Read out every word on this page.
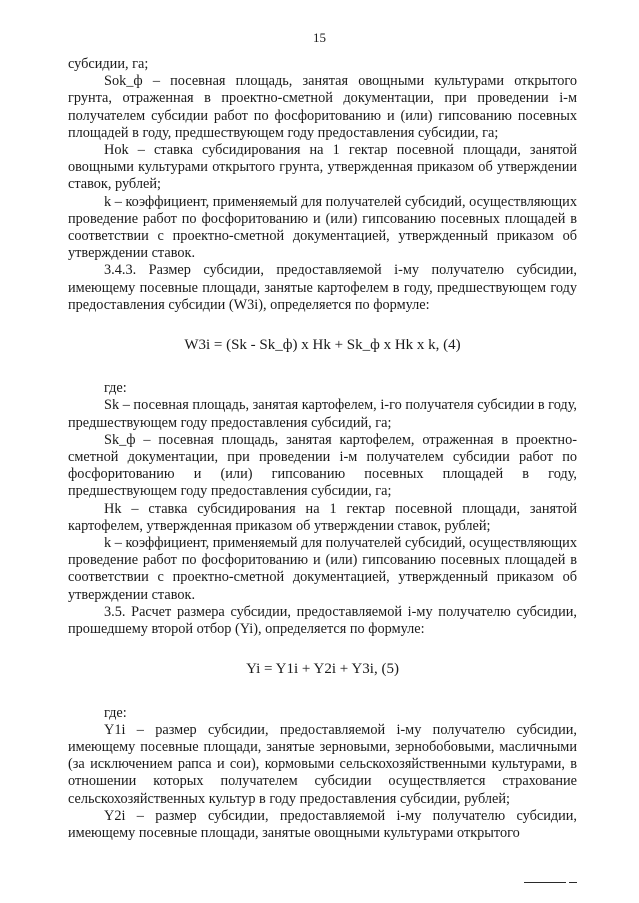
15

субсидии, га;

Sok_ф – посевная площадь, занятая овощными культурами открытого грунта, отраженная в проектно-сметной документации, при проведении i-м получателем субсидии работ по фосфоритованию и (или) гипсованию посевных площадей в году, предшествующем году предоставления субсидии, га;

Hok – ставка субсидирования на 1 гектар посевной площади, занятой овощными культурами открытого грунта, утвержденная приказом об утверждении ставок, рублей;

k – коэффициент, применяемый для получателей субсидий, осуществляющих проведение работ по фосфоритованию и (или) гипсованию посевных площадей в соответствии с проектно-сметной документацией, утвержденный приказом об утверждении ставок.

3.4.3. Размер субсидии, предоставляемой i-му получателю субсидии, имеющему посевные площади, занятые картофелем в году, предшествующем году предоставления субсидии (W3i), определяется по формуле:

W3i = (Sk - Sk_ф) x Hk + Sk_ф x Hk x k, (4)

где:

Sk – посевная площадь, занятая картофелем, i-го получателя субсидии в году, предшествующем году предоставления субсидий, га;

Sk_ф – посевная площадь, занятая картофелем, отраженная в проектно-сметной документации, при проведении i-м получателем субсидии работ по фосфоритованию и (или) гипсованию посевных площадей в году, предшествующем году предоставления субсидии, га;

Hk – ставка субсидирования на 1 гектар посевной площади, занятой картофелем, утвержденная приказом об утверждении ставок, рублей;

k – коэффициент, применяемый для получателей субсидий, осуществляющих проведение работ по фосфоритованию и (или) гипсованию посевных площадей в соответствии с проектно-сметной документацией, утвержденный приказом об утверждении ставок.

3.5. Расчет размера субсидии, предоставляемой i-му получателю субсидии, прошедшему второй отбор (Yi), определяется по формуле:

Yi = Y1i + Y2i + Y3i, (5)

где:

Y1i – размер субсидии, предоставляемой i-му получателю субсидии, имеющему посевные площади, занятые зерновыми, зернобобовыми, масличными (за исключением рапса и сои), кормовыми сельскохозяйственными культурами, в отношении которых получателем субсидии осуществляется страхование сельскохозяйственных культур в году предоставления субсидии, рублей;

Y2i – размер субсидии, предоставляемой i-му получателю субсидии, имеющему посевные площади, занятые овощными культурами открытого
